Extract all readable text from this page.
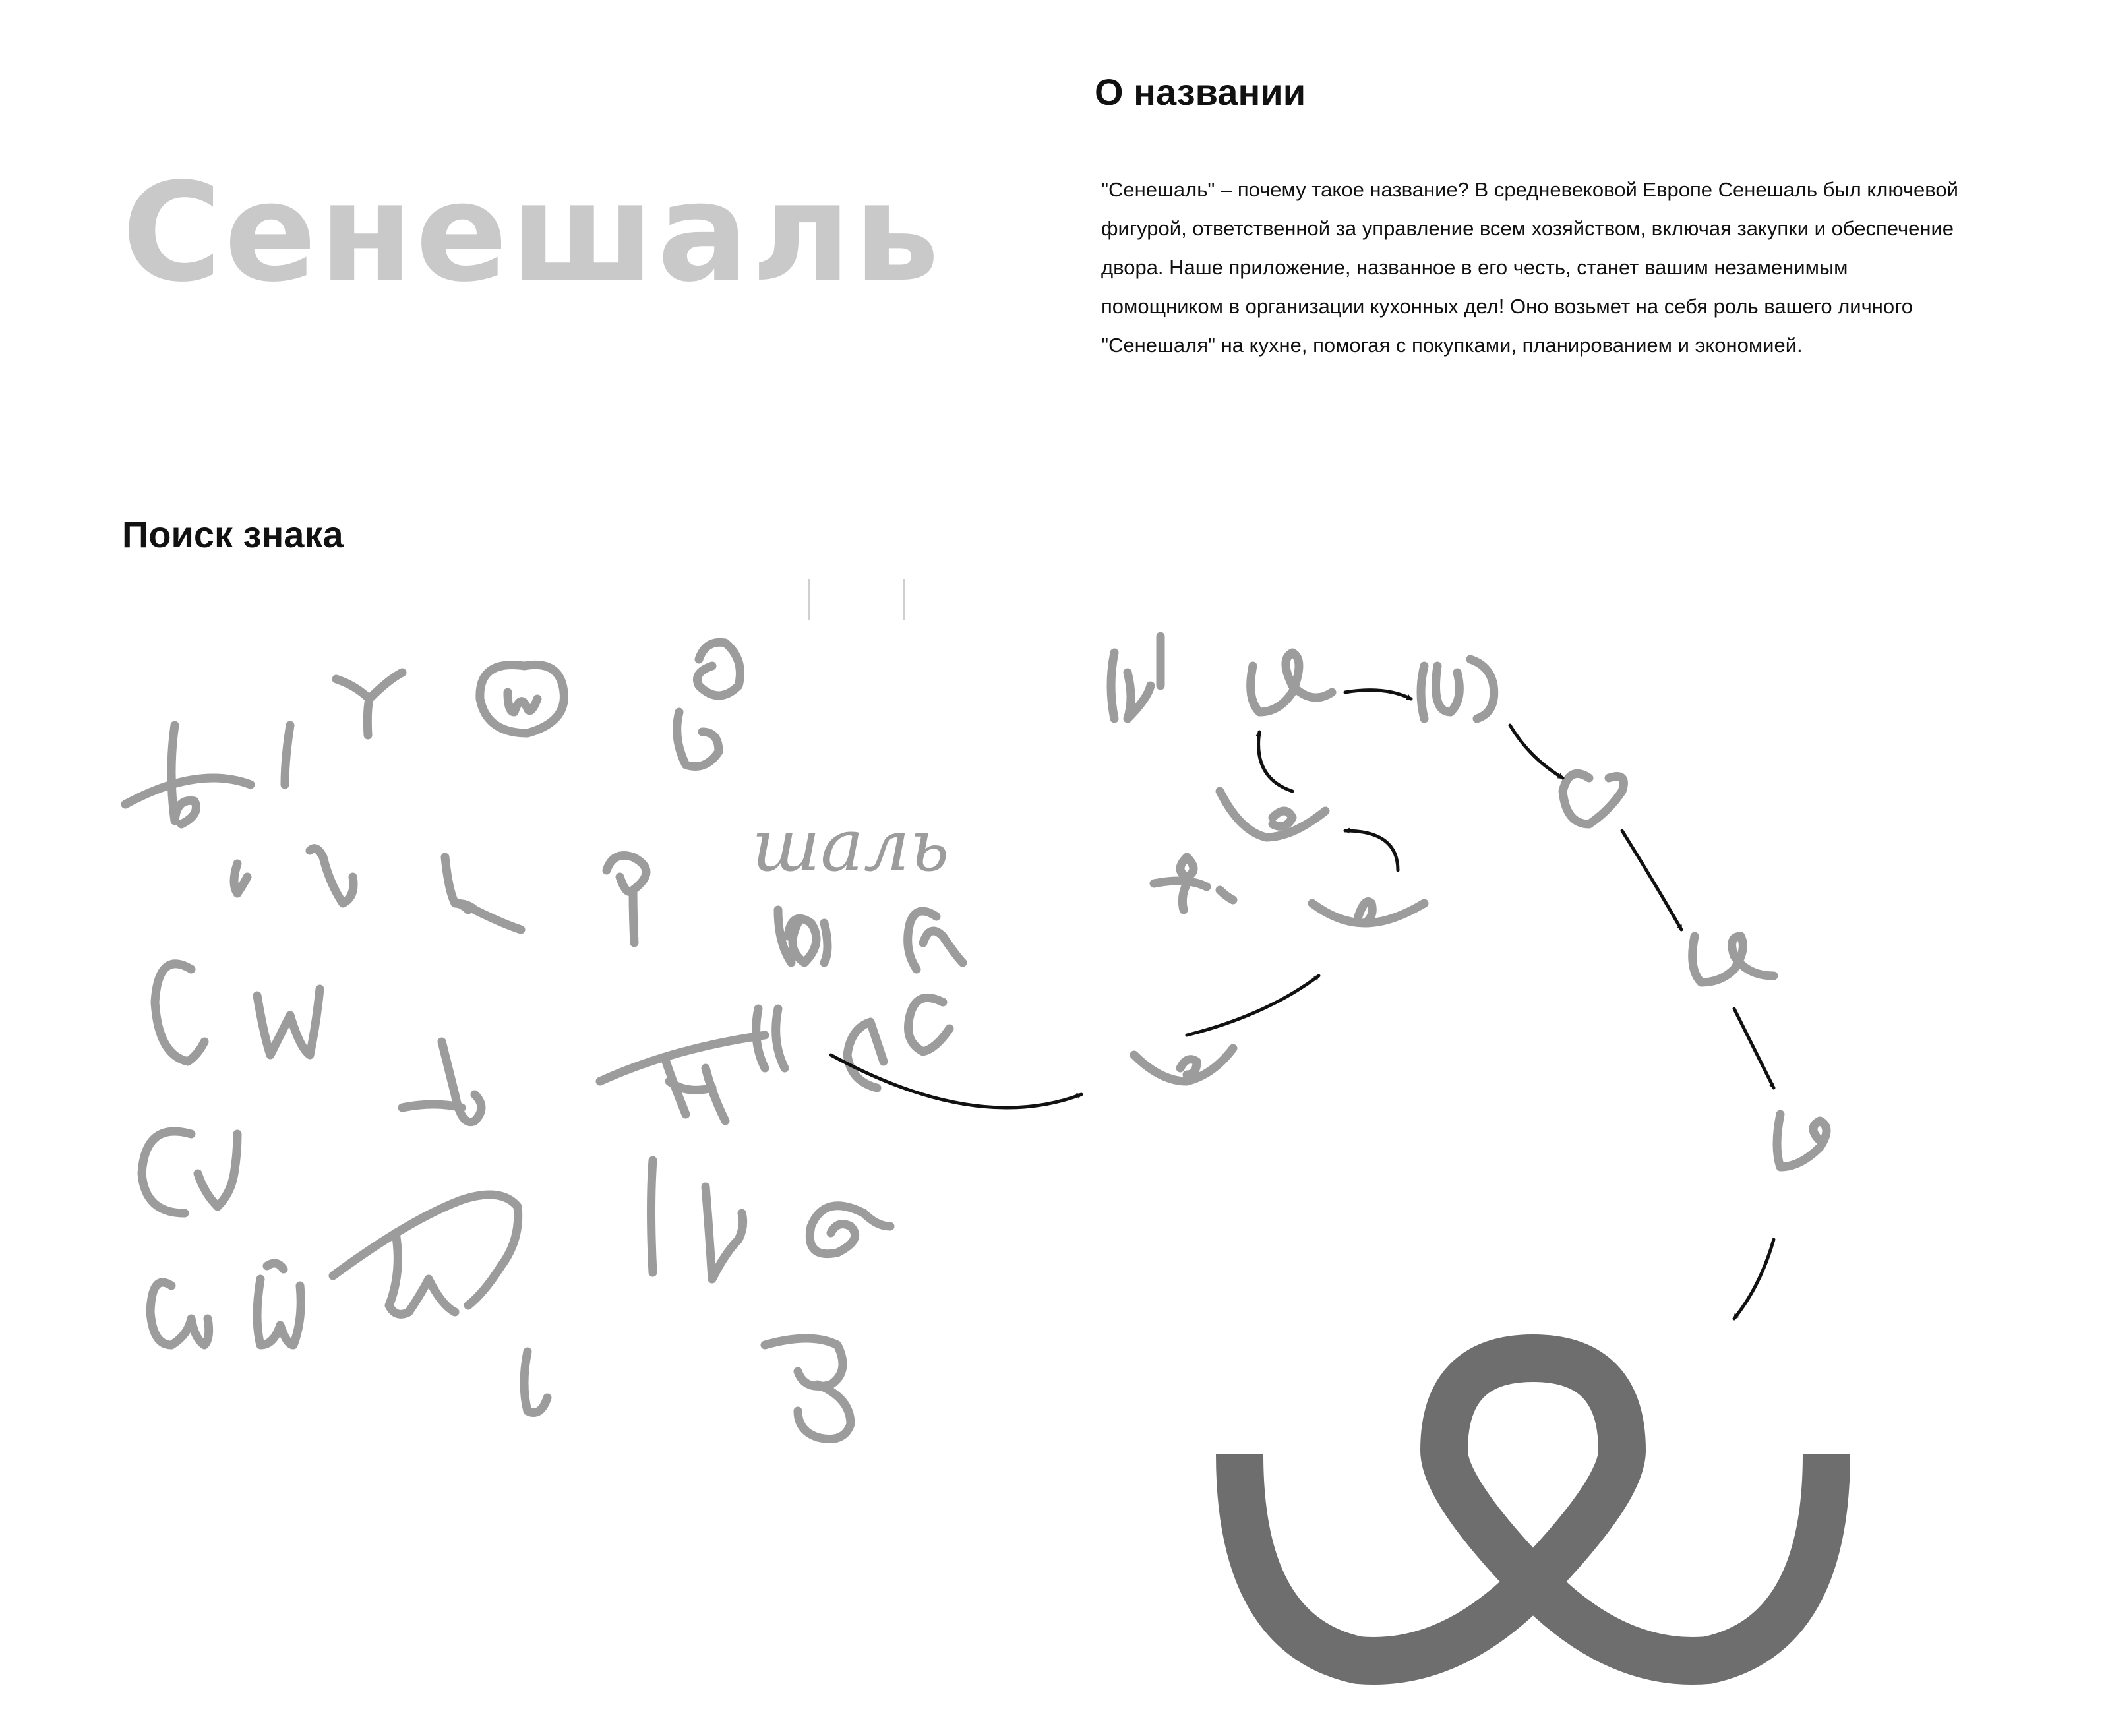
Сенешаль
О названии

"Сенешаль" – почему такое название? В средневековой Европе Сенешаль был ключевой
фигурой, ответственной за управление всем хозяйством, включая закупки и обеспечение
двора. Наше приложение, названное в его честь, станет вашим незаменимым
помощником в организации кухонных дел! Оно возьмет на себя роль вашего личного
"Сенешаля" на кухне, помогая с покупками, планированием и экономией.

Поиск знака
шаль
